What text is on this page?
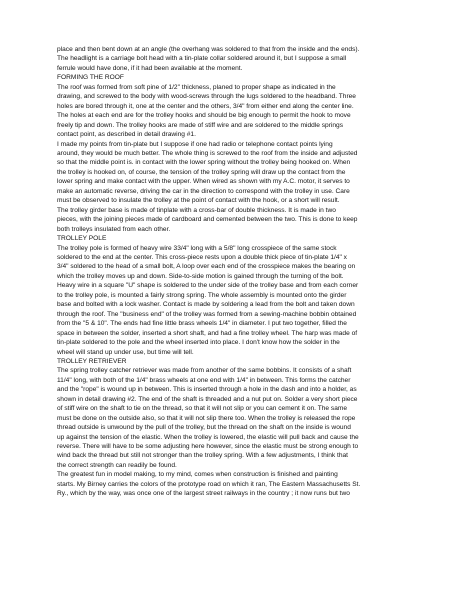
place and then bent down at an angle (the overhang was soldered to that from the inside and the ends).
The headlight is a carriage bolt head with a tin-plate collar soldered around it, but I suppose a small
ferrule would have done, if it had been available at the moment.
FORMING THE ROOF
The roof was formed from soft pine of 1/2" thickness, planed to proper shape as indicated in the
drawing, and screwed to the body with wood-screws through the lugs soldered to the headband. Three
holes are bored through it, one at the center and the others, 3/4" from either end along the center line.
The holes at each end are for the trolley hooks and should be big enough to permit the hook to move
freely tip and down. The trolley hooks are made of stiff wire and are soldered to the middle springs
contact point, as described in detail drawing #1.
I made my points from tin-plate but I suppose if one had radio or telephone contact points lying
around, they would be much better. The whole thing is screwed to the roof from the inside and adjusted
so that the middle point is. in contact with the lower spring without the trolley being hooked on. When
the trolley is hooked on, of course, the tension of the trolley spring will draw up the contact from the
lower spring and make contact with the upper. When wired as shown with my A.C. motor, it serves to
make an automatic reverse, driving the car in the direction to correspond with the trolley in use. Care
must be observed to insulate the trolley at the point of contact with the hook, or a short will result.
The trolley girder base is made of tinplate with a cross-bar of double thickness. It is made in two
pieces, with the joining pieces made of cardboard and cemented between the two. This is done to keep
both trolleys insulated from each other.
TROLLEY POLE
The trolley pole is formed of heavy wire 33/4" long with a 5/8" long crosspiece of the same stock
soldered to the end at the center. This cross-piece rests upon a double thick piece of tin-plate 1/4" x
3/4" soldered to the head of a small bolt, A loop over each end of the crosspiece makes the bearing on
which the trolley moves up and down. Side-to-side motion is gained through the turning of the bolt.
Heavy wire in a square "U" shape is soldered to the under side of the trolley base and from each corner
to the trolley pole, is mounted a fairly strong spring. The whole assembly is mounted onto the girder
base and bolted with a lock washer. Contact is made by soldering a lead from the bolt and taken down
through the roof. The "business end" of the trolley was formed from a sewing-machine bobbin obtained
from the "5 & 10". The ends had fine little brass wheels 1/4" in diameter. I put two together, filled the
space in between the solder, inserted a short shaft, and had a fine trolley wheel. The harp was made of
tin-plate soldered to the pole and the wheel inserted into place. I don't know how the solder in the
wheel will stand up under use, but time will tell.
TROLLEY RETRIEVER
The spring trolley catcher retriever was made from another of the same bobbins. It consists of a shaft
11/4" long, with both of the 1/4" brass wheels at one end with 1/4" in between. This forms the catcher
and the "rope" is wound up in between. This is inserted through a hole in the dash and into a holder, as
shown in detail drawing #2. The end of the shaft is threaded and a nut put on. Solder a very short piece
of stiff wire on the shaft to tie on the thread, so that it will not slip or you can cement it on. The same
must be done on the outside also, so that it will not slip there too. When the trolley is released the rope
thread outside is unwound by the pull of the trolley, but the thread on the shaft on the inside is wound
up against the tension of the elastic. When the trolley is lowered, the elastic will pull back and cause the
reverse. There will have to be some adjusting here however, since the elastic must be strong enough to
wind back the thread but still not stronger than the trolley spring. With a few adjustments, I think that
the correct strength can readily be found.
The greatest fun in model making, to my mind, comes when construction is finished and painting
starts. My Birney carries the colors of the prototype road on which it ran, The Eastern Massachusetts St.
Ry., which by the way, was once one of the largest street railways in the country ; it now runs but two
